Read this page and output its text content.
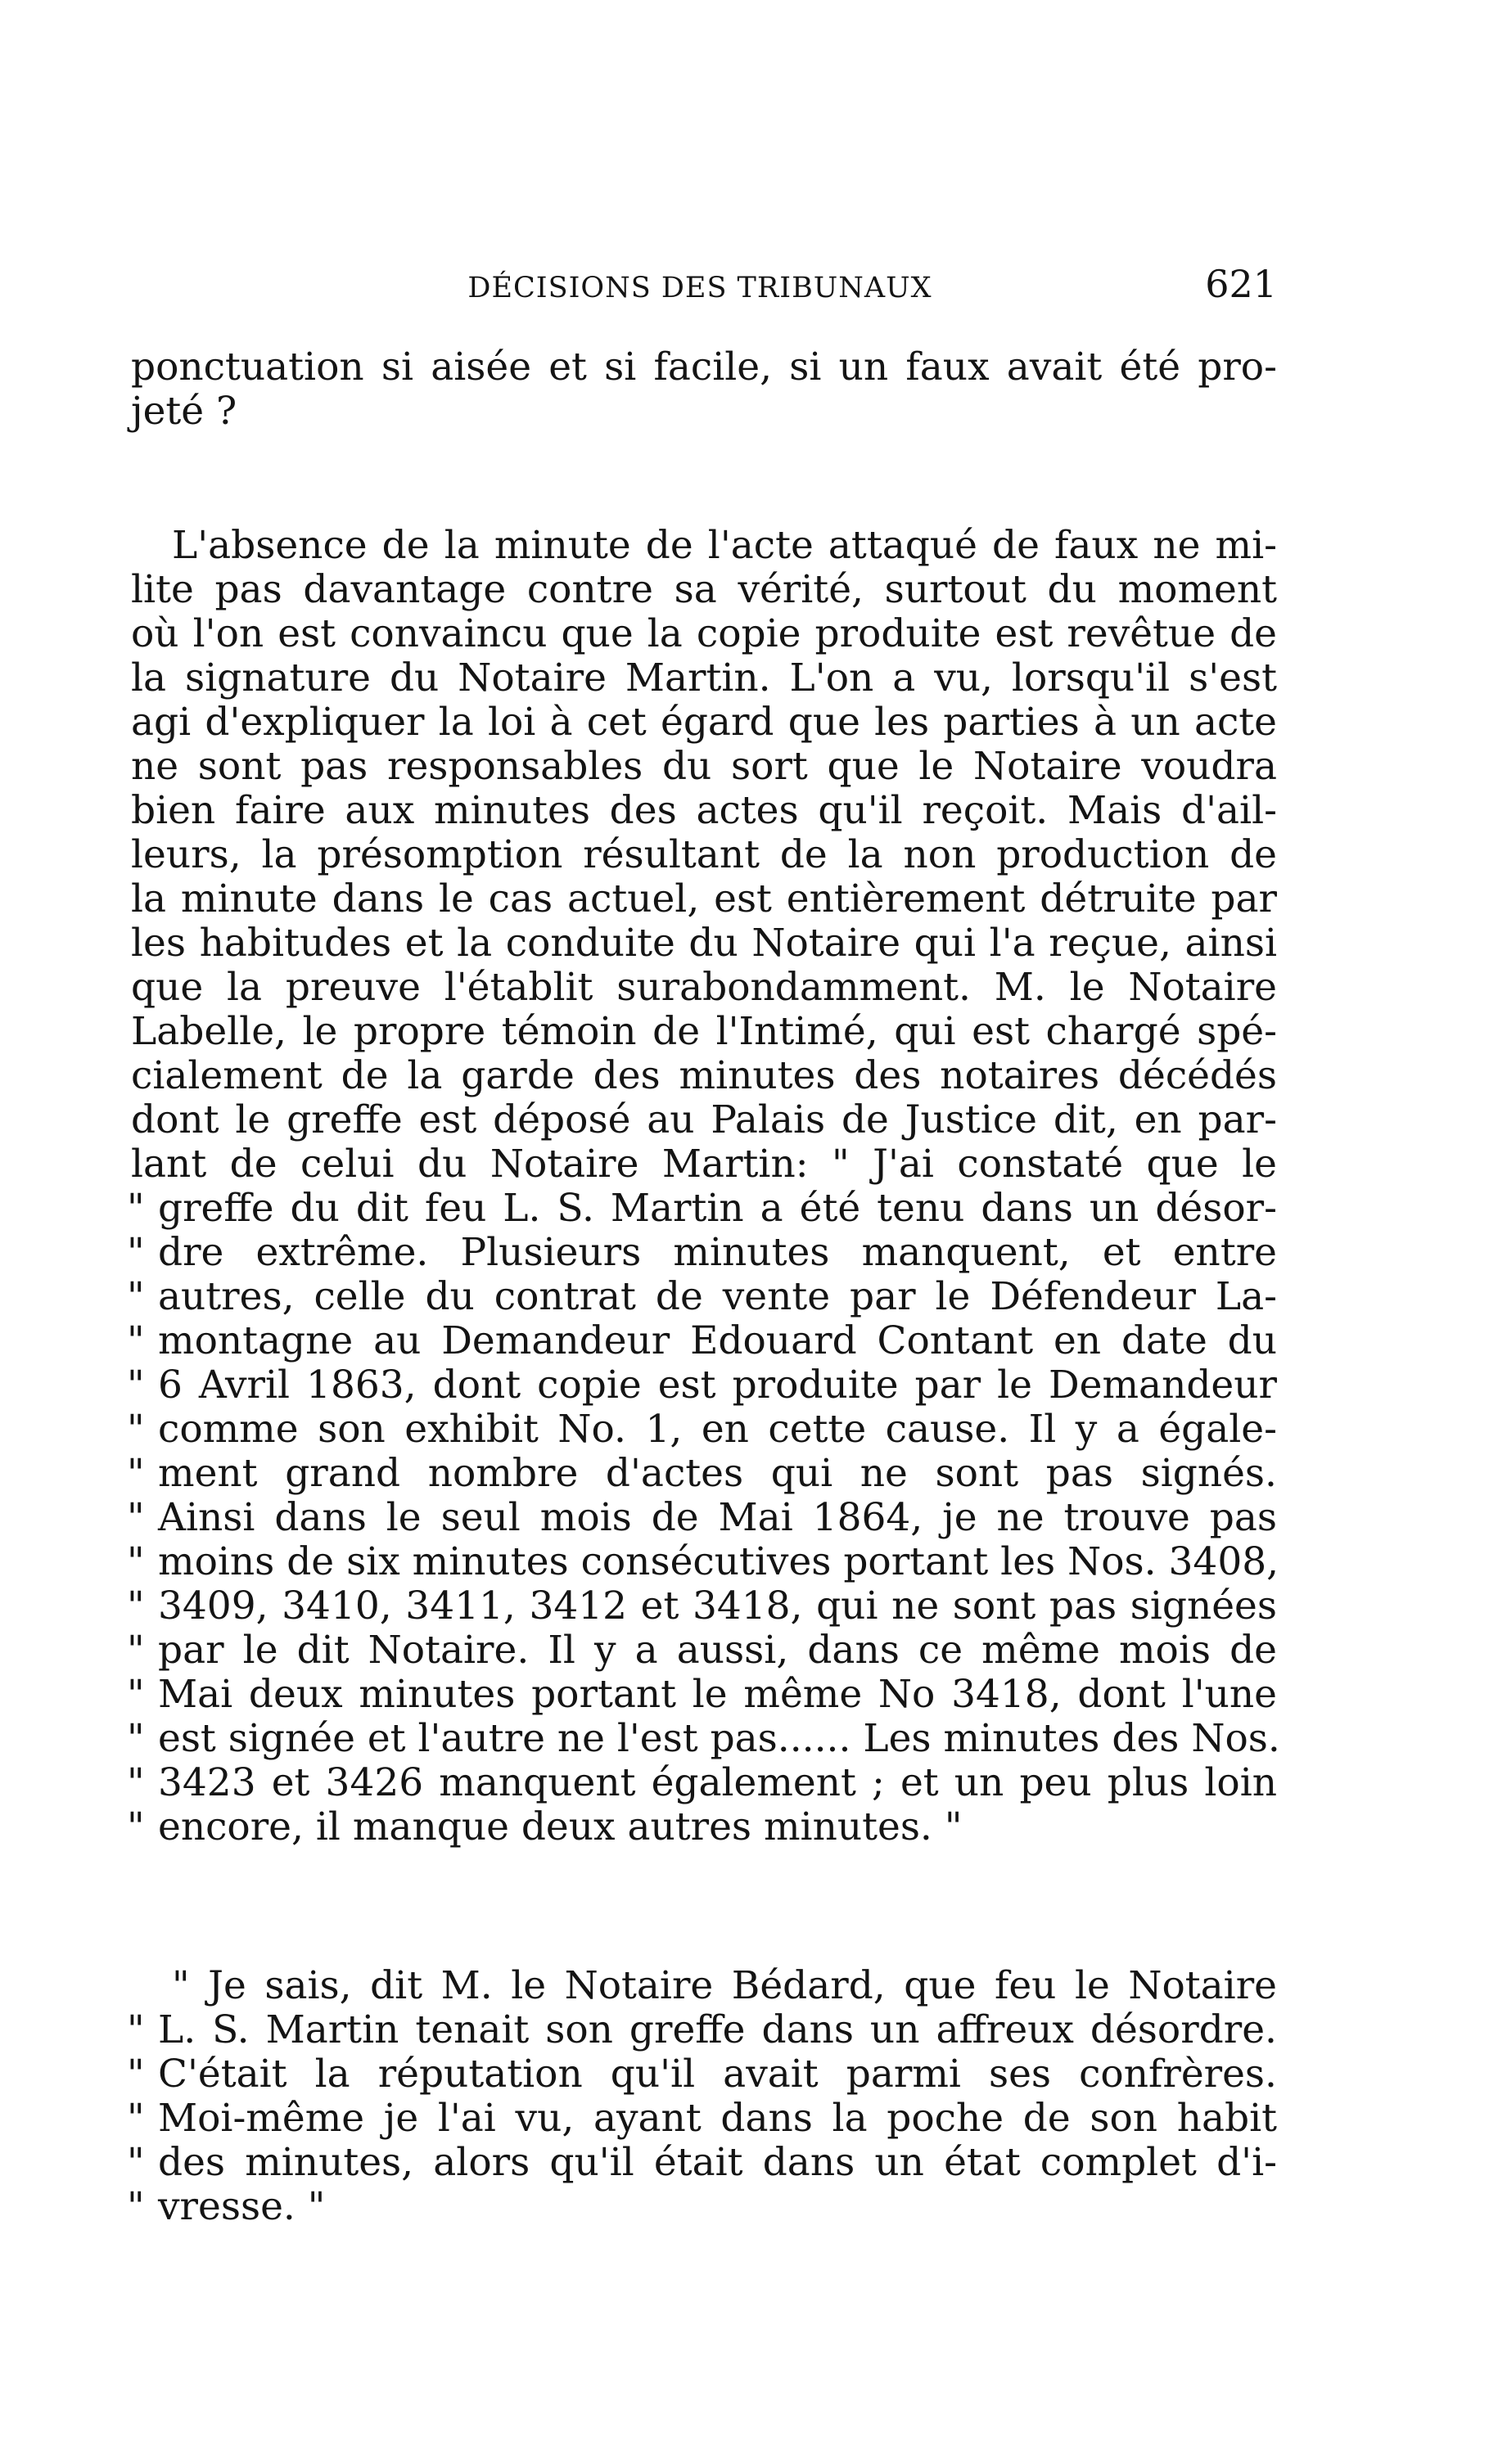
DÉCISIONS DES TRIBUNAUX	621
ponctuation si aisée et si facile, si un faux avait été pro-
jeté ?
L'absence de la minute de l'acte attaqué de faux ne mi-
lite pas davantage contre sa vérité, surtout du moment
où l'on est convaincu que la copie produite est revêtue de
la signature du Notaire Martin. L'on a vu, lorsqu'il s'est
agi d'expliquer la loi à cet égard que les parties à un acte
ne sont pas responsables du sort que le Notaire voudra
bien faire aux minutes des actes qu'il reçoit. Mais d'ail-
leurs, la présomption résultant de la non production de
la minute dans le cas actuel, est entièrement détruite par
les habitudes et la conduite du Notaire qui l'a reçue, ainsi
que la preuve l'établit surabondamment. M. le Notaire
Labelle, le propre témoin de l'Intimé, qui est chargé spé-
cialement de la garde des minutes des notaires décédés
dont le greffe est déposé au Palais de Justice dit, en par-
lant de celui du Notaire Martin: " J'ai constaté que le
" greffe du dit feu L. S. Martin a été tenu dans un désor-
" dre extrême. Plusieurs minutes manquent, et entre
" autres, celle du contrat de vente par le Défendeur La-
" montagne au Demandeur Edouard Contant en date du
" 6 Avril 1863, dont copie est produite par le Demandeur
" comme son exhibit No. 1, en cette cause. Il y a égale-
" ment grand nombre d'actes qui ne sont pas signés.
" Ainsi dans le seul mois de Mai 1864, je ne trouve pas
" moins de six minutes consécutives portant les Nos. 3408,
" 3409, 3410, 3411, 3412 et 3418, qui ne sont pas signées
" par le dit Notaire. Il y a aussi, dans ce même mois de
" Mai deux minutes portant le même No 3418, dont l'une
" est signée et l'autre ne l'est pas...... Les minutes des Nos.
" 3423 et 3426 manquent également ; et un peu plus loin
" encore, il manque deux autres minutes. "
" Je sais, dit M. le Notaire Bédard, que feu le Notaire
" L. S. Martin tenait son greffe dans un affreux désordre.
" C'était la réputation qu'il avait parmi ses confrères.
" Moi-même je l'ai vu, ayant dans la poche de son habit
" des minutes, alors qu'il était dans un état complet d'i-
" vresse. "
